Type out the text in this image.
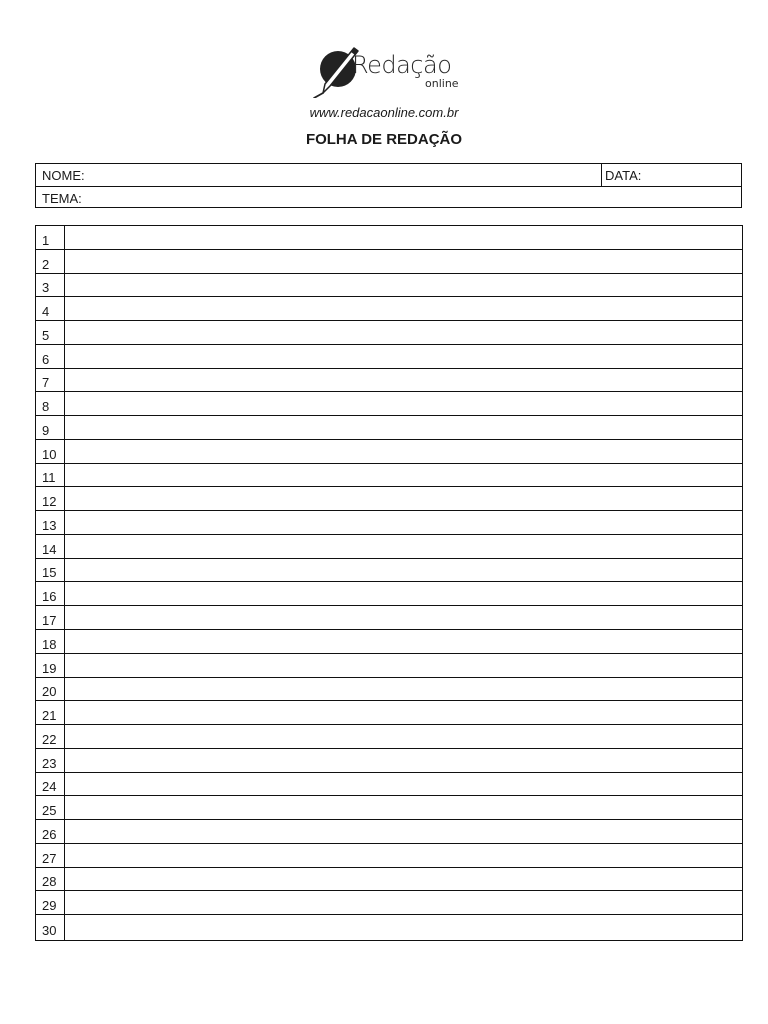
Redação
online
www.redacaonline.com.br
FOLHA DE REDAÇÃO
NOME:	DATA:
TEMA:
1
2
3
4
5
6
7
8
9
10
11
12
13
14
15
16
17
18
19
20
21
22
23
24
25
26
27
28
29
30
